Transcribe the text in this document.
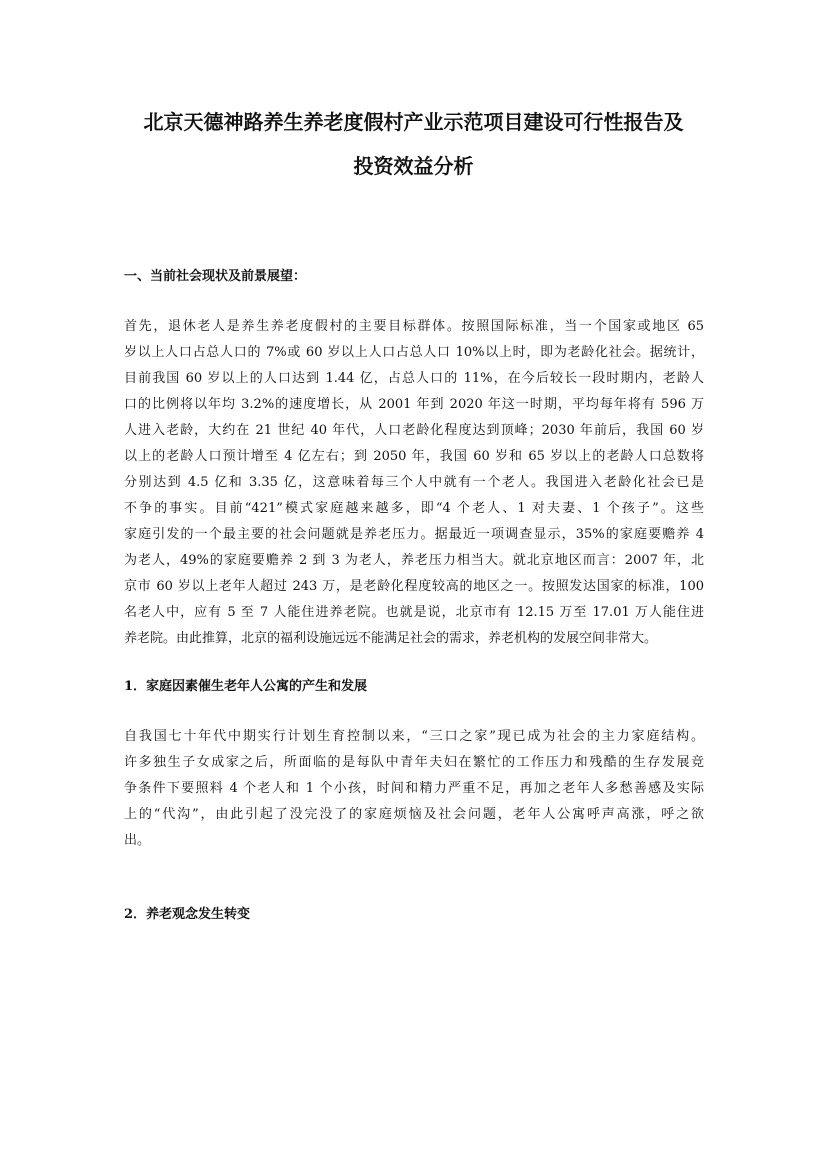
北京天德神路养生养老度假村产业示范项目建设可行性报告及
投资效益分析
一、当前社会现状及前景展望：
首先，退休老人是养生养老度假村的主要目标群体。按照国际标准，当一个国家或地区 65
岁以上人口占总人口的 7%或 60 岁以上人口占总人口 10%以上时，即为老龄化社会。据统计，
目前我国 60 岁以上的人口达到 1.44 亿，占总人口的 11%，在今后较长一段时期内，老龄人
口的比例将以年均 3.2%的速度增长，从 2001 年到 2020 年这一时期，平均每年将有 596 万
人进入老龄，大约在 21 世纪 40 年代，人口老龄化程度达到顶峰；2030 年前后，我国 60 岁
以上的老龄人口预计增至 4 亿左右；到 2050 年，我国 60 岁和 65 岁以上的老龄人口总数将
分别达到 4.5 亿和 3.35 亿，这意味着每三个人中就有一个老人。我国进入老龄化社会已是
不争的事实。目前“421”模式家庭越来越多，即“4 个老人、1 对夫妻、1 个孩子”。这些
家庭引发的一个最主要的社会问题就是养老压力。据最近一项调查显示，35%的家庭要赡养 4
为老人，49%的家庭要赡养 2 到 3 为老人，养老压力相当大。就北京地区而言：2007 年，北
京市 60 岁以上老年人超过 243 万，是老龄化程度较高的地区之一。按照发达国家的标准，100
名老人中，应有 5 至 7 人能住进养老院。也就是说，北京市有 12.15 万至 17.01 万人能住进
养老院。由此推算，北京的福利设施远远不能满足社会的需求，养老机构的发展空间非常大。
1．家庭因素催生老年人公寓的产生和发展
自我国七十年代中期实行计划生育控制以来，“三口之家”现已成为社会的主力家庭结构。
许多独生子女成家之后，所面临的是每队中青年夫妇在繁忙的工作压力和残酷的生存发展竞
争条件下要照料 4 个老人和 1 个小孩，时间和精力严重不足，再加之老年人多愁善感及实际
上的“代沟”，由此引起了没完没了的家庭烦恼及社会问题，老年人公寓呼声高涨，呼之欲
出。
2．养老观念发生转变
